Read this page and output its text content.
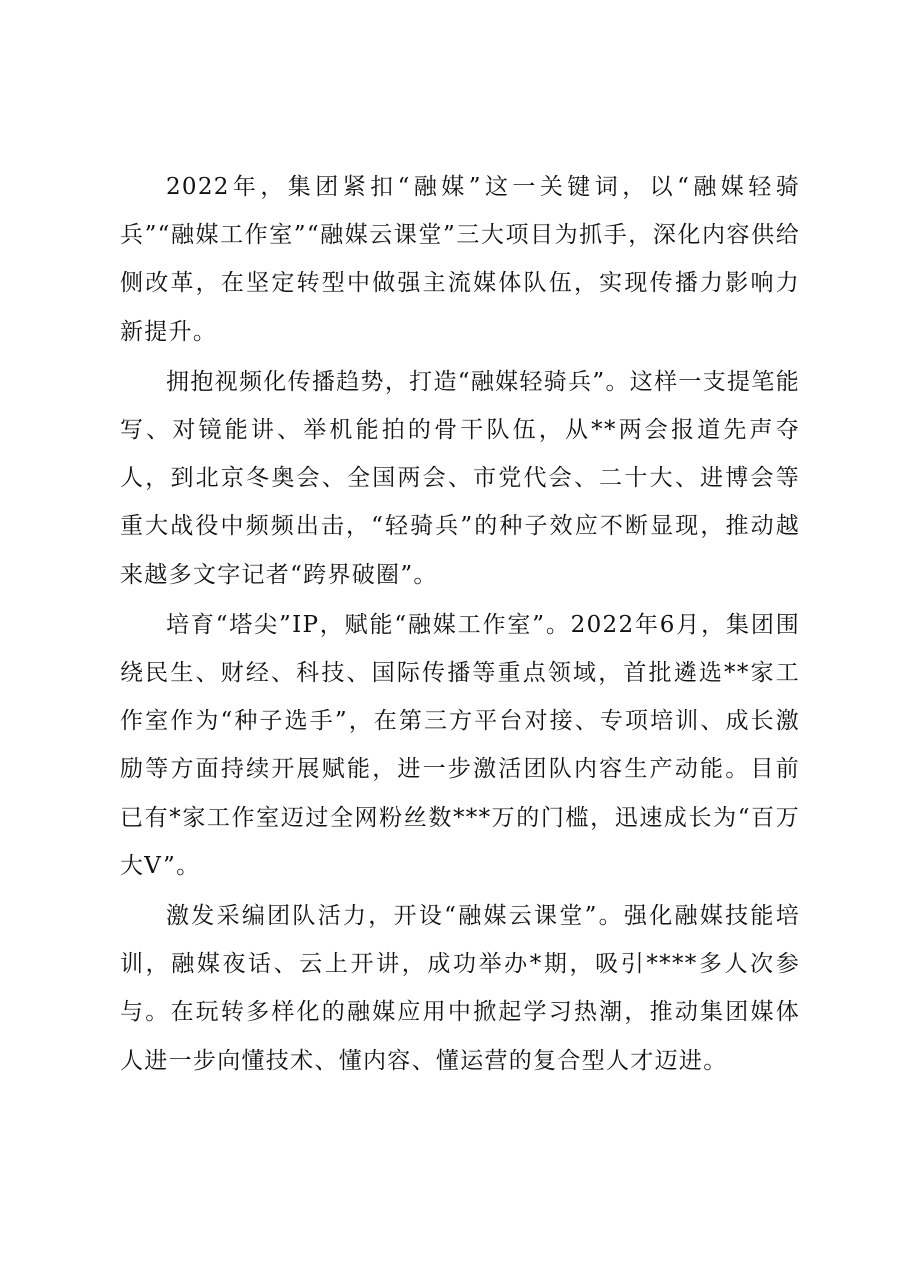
2022年，集团紧扣“融媒”这一关键词，以“融媒轻骑兵”“融媒工作室”“融媒云课堂”三大项目为抓手，深化内容供给侧改革，在坚定转型中做强主流媒体队伍，实现传播力影响力新提升。

拥抱视频化传播趋势，打造“融媒轻骑兵”。这样一支提笔能写、对镜能讲、举机能拍的骨干队伍，从**两会报道先声夺人，到北京冬奥会、全国两会、市党代会、二十大、进博会等重大战役中频频出击，“轻骑兵”的种子效应不断显现，推动越来越多文字记者“跨界破圈”。

培育“塔尖”IP，赋能“融媒工作室”。2022年6月，集团围绕民生、财经、科技、国际传播等重点领域，首批遴选**家工作室作为“种子选手”，在第三方平台对接、专项培训、成长激励等方面持续开展赋能，进一步激活团队内容生产动能。目前已有*家工作室迈过全网粉丝数***万的门槛，迅速成长为“百万大V”。

激发采编团队活力，开设“融媒云课堂”。强化融媒技能培训，融媒夜话、云上开讲，成功举办*期，吸引****多人次参与。在玩转多样化的融媒应用中掀起学习热潮，推动集团媒体人进一步向懂技术、懂内容、懂运营的复合型人才迈进。
